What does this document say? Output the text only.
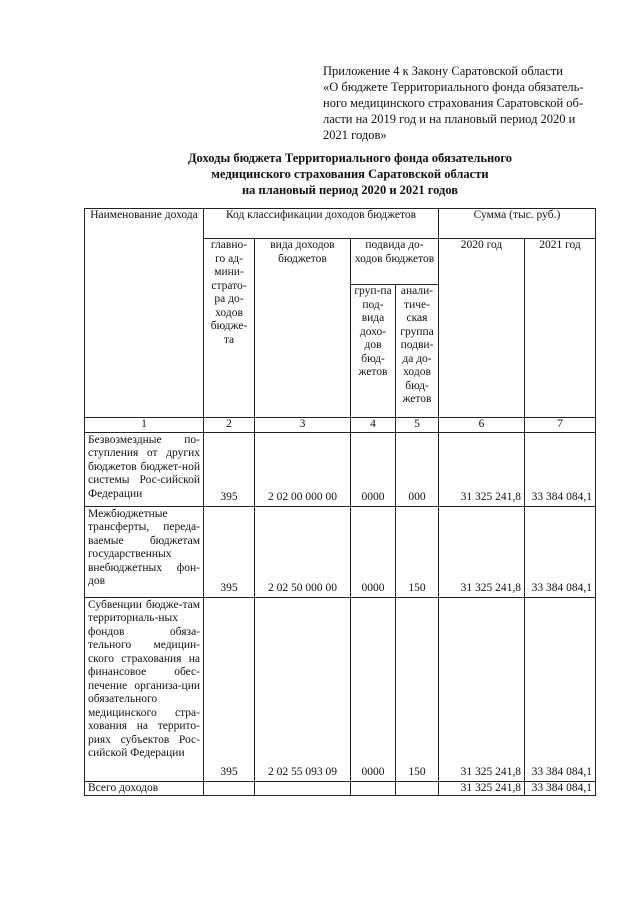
Приложение 4 к Закону Саратовской области
«О бюджете Территориального фонда обязатель-
ного медицинского страхования Саратовской об-
ласти на 2019 год и на плановый период 2020 и
2021 годов»
Доходы бюджета Территориального фонда обязательного
медицинского страхования Саратовской области
на плановый период 2020 и 2021 годов
Наименование дохода	Код классификации доходов бюджетов				Сумма (тыс. руб.)	
	главно-го ад-мини-страто-ра до-ходов бюдже-та	вида доходов бюджетов	подвида до-ходов бюджетов		2020 год	2021 год
			груп-па под-вида дохо-дов бюд-жетов	анали-тиче-ская группа подви-да до-ходов бюд-жетов		
1	2	3	4	5	6	7
Безвозмездные по-ступления от других бюджетов бюджет-ной системы Рос-сийской Федерации	395	2 02 00 000 00	0000	000	31 325 241,8	33 384 084,1
Межбюджетные трансферты, переда-ваемые бюджетам государственных внебюджетных фон-дов	395	2 02 50 000 00	0000	150	31 325 241,8	33 384 084,1
Субвенции бюдже-там территориаль-ных фондов обяза-тельного медицин-ского страхования на финансовое обес-печение организа-ции обязательного медицинского стра-хования на террито-риях субъектов Рос-сийской Федерации	395	2 02 55 093 09	0000	150	31 325 241,8	33 384 084,1
Всего доходов					31 325 241,8	33 384 084,1
